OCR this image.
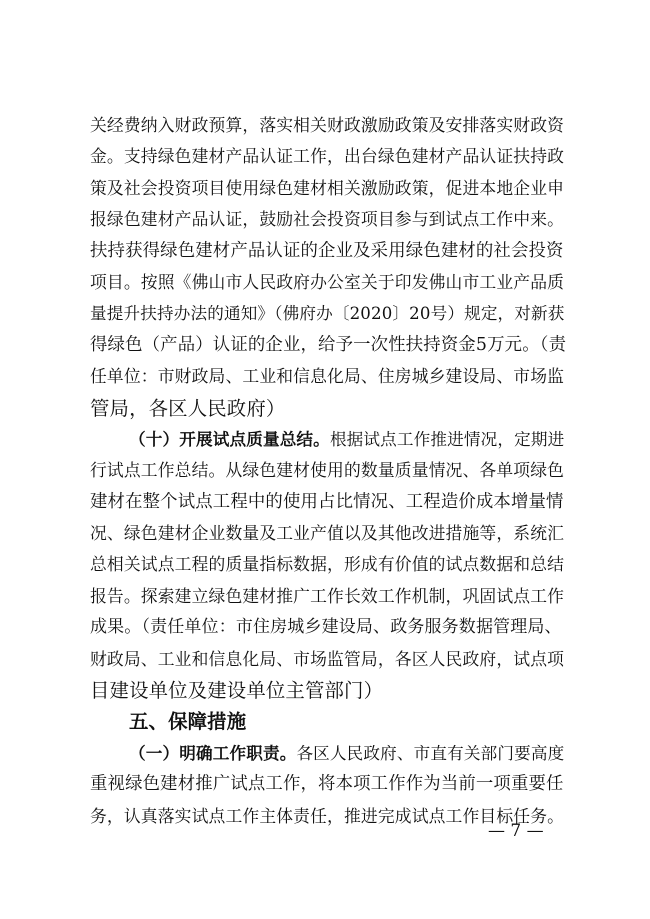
关经费纳入财政预算，落实相关财政激励政策及安排落实财政资
金。支持绿色建材产品认证工作，出台绿色建材产品认证扶持政
策及社会投资项目使用绿色建材相关激励政策，促进本地企业申
报绿色建材产品认证，鼓励社会投资项目参与到试点工作中来。
扶持获得绿色建材产品认证的企业及采用绿色建材的社会投资
项目。按照《佛山市人民政府办公室关于印发佛山市工业产品质
量提升扶持办法的通知》（佛府办〔2020〕20号）规定，对新获
得绿色（产品）认证的企业，给予一次性扶持资金5万元。（责
任单位：市财政局、工业和信息化局、住房城乡建设局、市场监
管局，各区人民政府）
（十）开展试点质量总结。根据试点工作推进情况，定期进
行试点工作总结。从绿色建材使用的数量质量情况、各单项绿色
建材在整个试点工程中的使用占比情况、工程造价成本增量情
况、绿色建材企业数量及工业产值以及其他改进措施等，系统汇
总相关试点工程的质量指标数据，形成有价值的试点数据和总结
报告。探索建立绿色建材推广工作长效工作机制，巩固试点工作
成果。（责任单位：市住房城乡建设局、政务服务数据管理局、
财政局、工业和信息化局、市场监管局，各区人民政府，试点项
目建设单位及建设单位主管部门）
五、保障措施
（一）明确工作职责。各区人民政府、市直有关部门要高度
重视绿色建材推广试点工作，将本项工作作为当前一项重要任
务，认真落实试点工作主体责任，推进完成试点工作目标任务。
— 7 —
